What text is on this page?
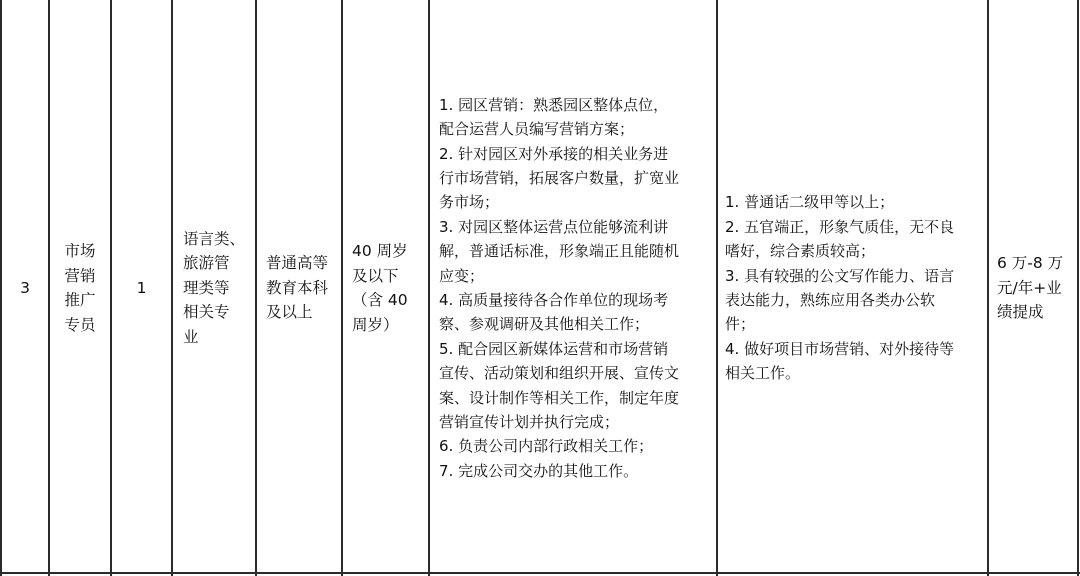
3
市场
营销
推广
专员
1
语言类、
旅游管
理类等
相关专
业
普通高等
教育本科
及以上
40 周岁
及以下
（含 40
周岁）
1. 园区营销：熟悉园区整体点位，
配合运营人员编写营销方案；
2. 针对园区对外承接的相关业务进
行市场营销，拓展客户数量，扩宽业
务市场；
3. 对园区整体运营点位能够流利讲
解，普通话标准，形象端正且能随机
应变；
4. 高质量接待各合作单位的现场考
察、参观调研及其他相关工作；
5. 配合园区新媒体运营和市场营销
宣传、活动策划和组织开展、宣传文
案、设计制作等相关工作，制定年度
营销宣传计划并执行完成；
6. 负责公司内部行政相关工作；
7. 完成公司交办的其他工作。
1. 普通话二级甲等以上；
2. 五官端正，形象气质佳，无不良
嗜好，综合素质较高；
3. 具有较强的公文写作能力、语言
表达能力，熟练应用各类办公软
件；
4. 做好项目市场营销、对外接待等
相关工作。
6 万-8 万
元/年+业
绩提成
